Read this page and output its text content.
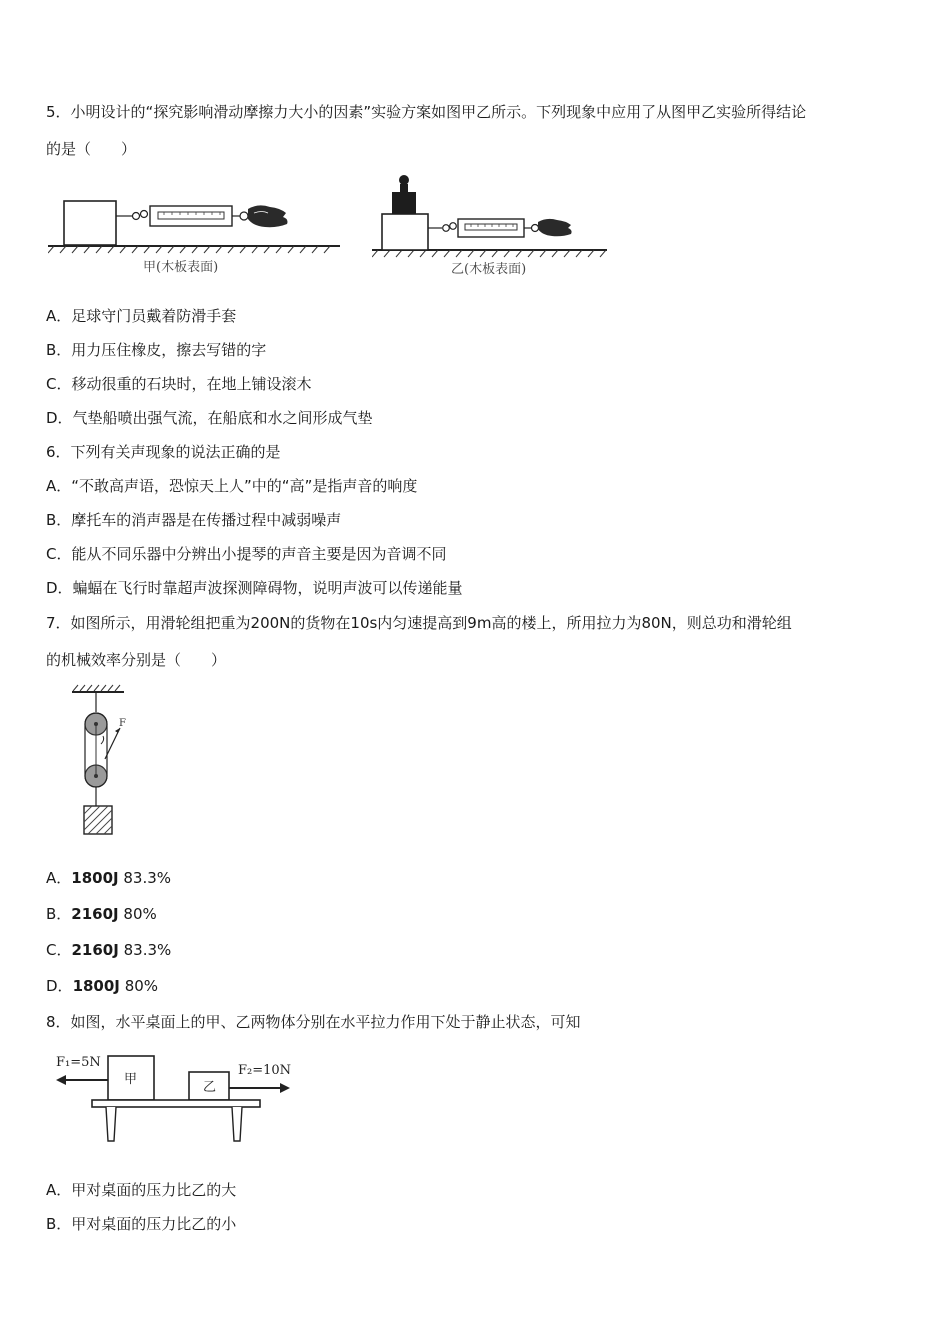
5．小明设计的“探究影响滑动摩擦力大小的因素”实验方案如图甲乙所示。下列现象中应用了从图甲乙实验所得结论
的是（　　）
甲(木板表面)	乙(木板表面)
A．足球守门员戴着防滑手套
B．用力压住橡皮，擦去写错的字
C．移动很重的石块时，在地上铺设滚木
D．气垫船喷出强气流，在船底和水之间形成气垫
6．下列有关声现象的说法正确的是
A．“不敢高声语，恐惊天上人”中的“高”是指声音的响度
B．摩托车的消声器是在传播过程中减弱噪声
C．能从不同乐器中分辨出小提琴的声音主要是因为音调不同
D．蝙蝠在飞行时靠超声波探测障碍物，说明声波可以传递能量
7．如图所示，用滑轮组把重为200N的货物在10s内匀速提高到9m高的楼上，所用拉力为80N，则总功和滑轮组
的机械效率分别是（　　）
F
A．1800J 83.3%
B．2160J 80%
C．2160J 83.3%
D．1800J 80%
8．如图，水平桌面上的甲、乙两物体分别在水平拉力作用下处于静止状态，可知
F₁=5N
F₂=10N
甲
乙
A．甲对桌面的压力比乙的大
B．甲对桌面的压力比乙的小
